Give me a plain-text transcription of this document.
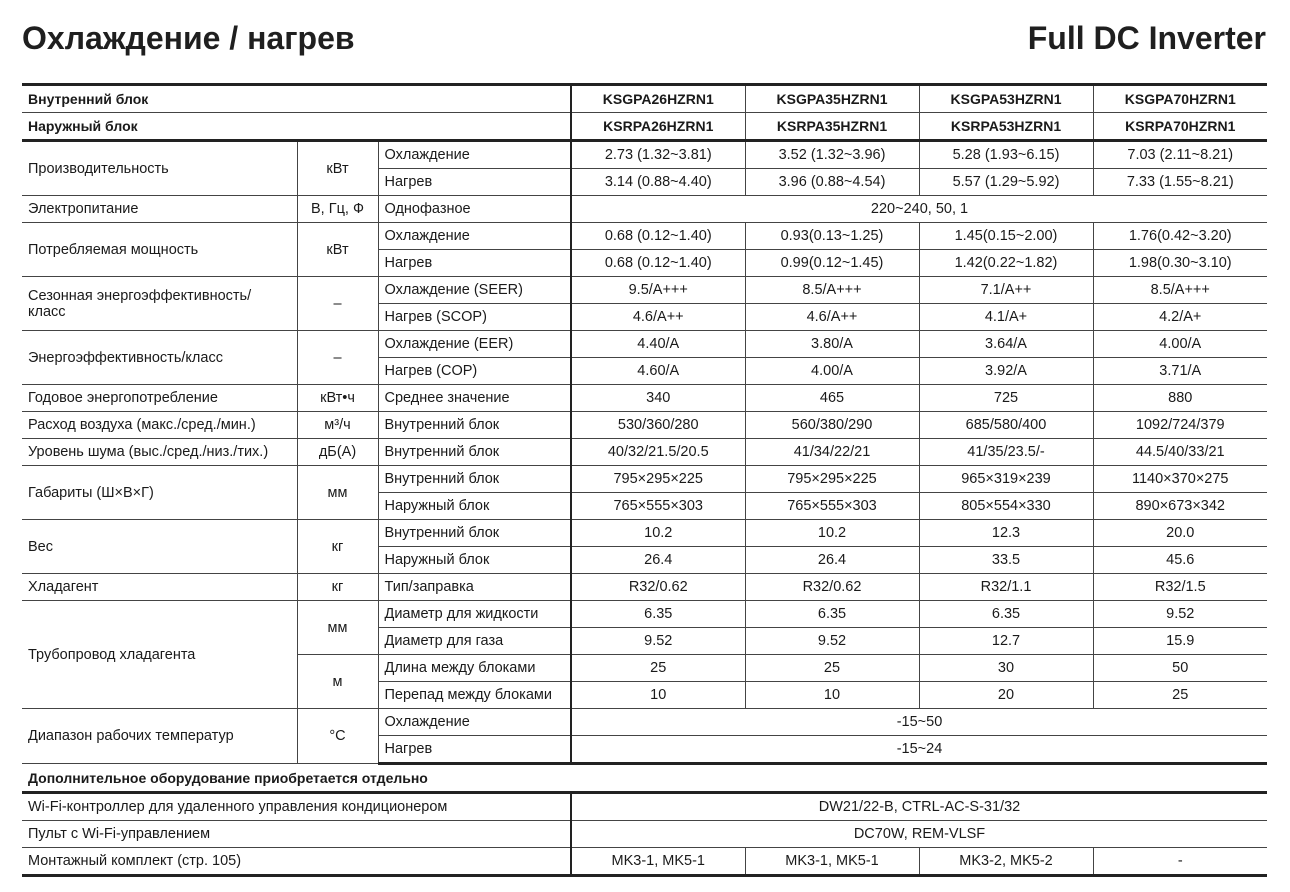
Охлаждение / нагрев	Full DC Inverter
Внутренний блок			KSGPA26HZRN1	KSGPA35HZRN1	KSGPA53HZRN1	KSGPA70HZRN1
Наружный блок			KSRPA26HZRN1	KSRPA35HZRN1	KSRPA53HZRN1	KSRPA70HZRN1
Производительность	кВт	Охлаждение	2.73 (1.32~3.81)	3.52 (1.32~3.96)	5.28 (1.93~6.15)	7.03 (2.11~8.21)
		Нагрев	3.14 (0.88~4.40)	3.96 (0.88~4.54)	5.57 (1.29~5.92)	7.33 (1.55~8.21)
Электропитание	В, Гц, Ф	Однофазное	220~240, 50, 1			
Потребляемая мощность	кВт	Охлаждение	0.68 (0.12~1.40)	0.93(0.13~1.25)	1.45(0.15~2.00)	1.76(0.42~3.20)
		Нагрев	0.68 (0.12~1.40)	0.99(0.12~1.45)	1.42(0.22~1.82)	1.98(0.30~3.10)
Сезонная энергоэффективность/ класс	–	Охлаждение (SEER)	9.5/A+++	8.5/A+++	7.1/A++	8.5/A+++
		Нагрев (SCOP)	4.6/A++	4.6/A++	4.1/A+	4.2/A+
Энергоэффективность/класс	–	Охлаждение (EER)	4.40/A	3.80/A	3.64/A	4.00/A
		Нагрев (COP)	4.60/A	4.00/A	3.92/A	3.71/A
Годовое энергопотребление	кВт•ч	Среднее значение	340	465	725	880
Расход воздуха (макс./сред./мин.)	м³/ч	Внутренний блок	530/360/280	560/380/290	685/580/400	1092/724/379
Уровень шума (выс./сред./низ./тих.)	дБ(А)	Внутренний блок	40/32/21.5/20.5	41/34/22/21	41/35/23.5/-	44.5/40/33/21
Габариты (Ш×В×Г)	мм	Внутренний блок	795×295×225	795×295×225	965×319×239	1140×370×275
		Наружный блок	765×555×303	765×555×303	805×554×330	890×673×342
Вес	кг	Внутренний блок	10.2	10.2	12.3	20.0
		Наружный блок	26.4	26.4	33.5	45.6
Хладагент	кг	Тип/заправка	R32/0.62	R32/0.62	R32/1.1	R32/1.5
Трубопровод хладагента	мм	Диаметр для жидкости	6.35	6.35	6.35	9.52
		Диаметр для газа	9.52	9.52	12.7	15.9
	м	Длина между блоками	25	25	30	50
		Перепад между блоками	10	10	20	25
Диапазон рабочих температур	°С	Охлаждение	-15~50			
		Нагрев	-15~24			
Дополнительное оборудование приобретается отдельно						
Wi-Fi-контроллер для удаленного управления кондиционером			DW21/22-B, CTRL-AC-S-31/32			
Пульт с Wi-Fi-управлением			DC70W, REM-VLSF			
Монтажный комплект (стр. 105)			MK3-1, MK5-1	MK3-1, MK5-1	MK3-2, MK5-2	-
